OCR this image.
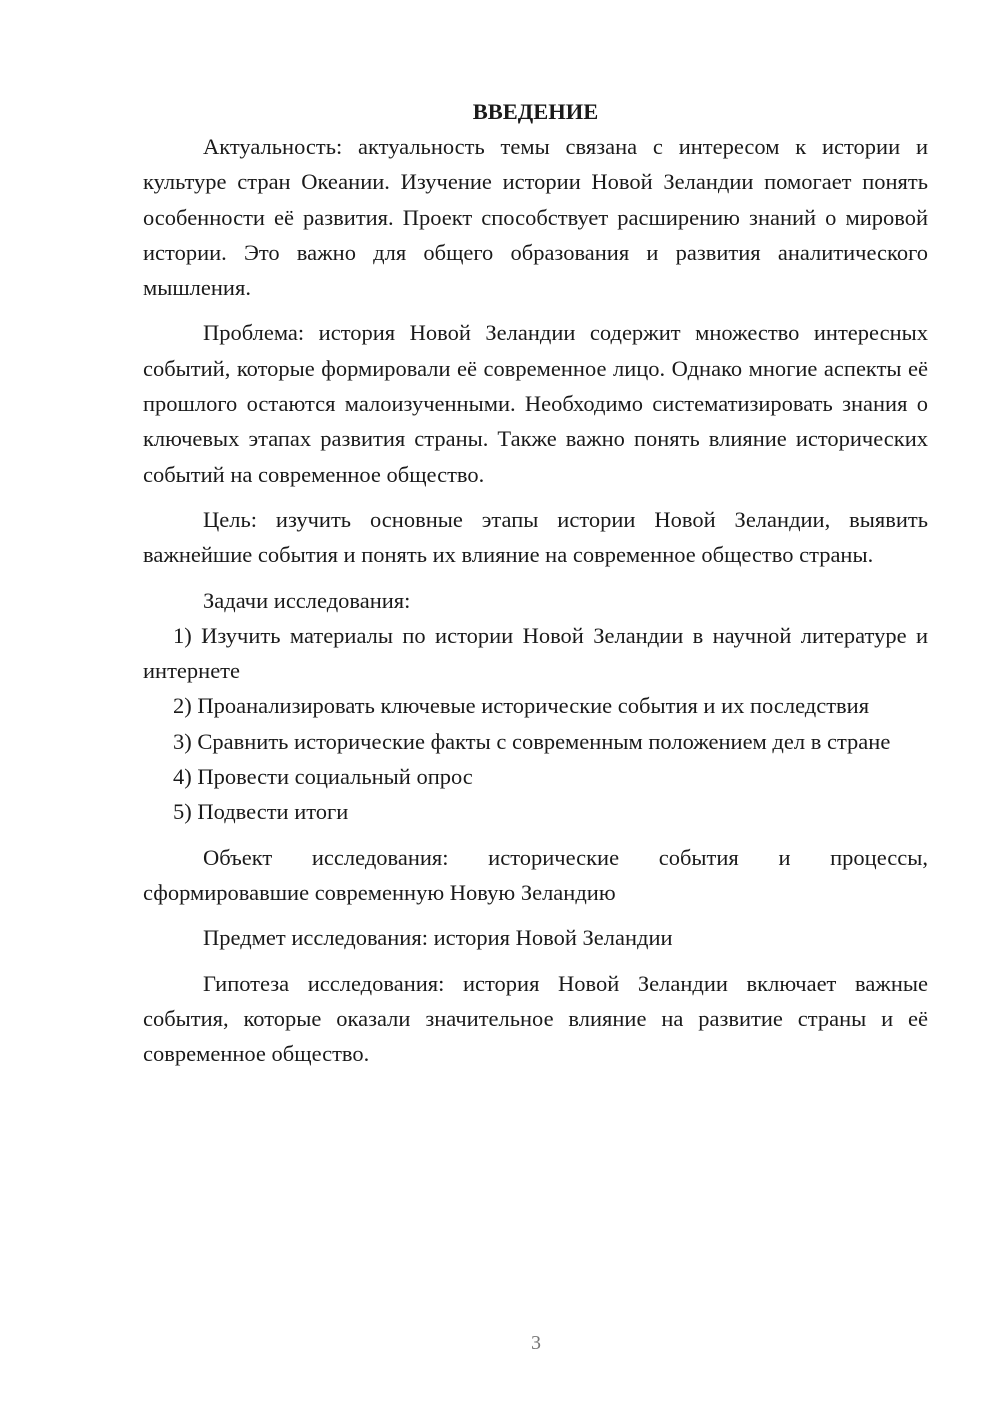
ВВЕДЕНИЕ

Актуальность: актуальность темы связана с интересом к истории и культуре стран Океании. Изучение истории Новой Зеландии помогает понять особенности её развития. Проект способствует расширению знаний о мировой истории. Это важно для общего образования и развития аналитического мышления.

Проблема: история Новой Зеландии содержит множество интересных событий, которые формировали её современное лицо. Однако многие аспекты её прошлого остаются малоизученными. Необходимо систематизировать знания о ключевых этапах развития страны. Также важно понять влияние исторических событий на современное общество.

Цель: изучить основные этапы истории Новой Зеландии, выявить важнейшие события и понять их влияние на современное общество страны.

Задачи исследования:

1) Изучить материалы по истории Новой Зеландии в научной литературе и интернете

2) Проанализировать ключевые исторические события и их последствия

3) Сравнить исторические факты с современным положением дел в стране

4) Провести социальный опрос

5) Подвести итоги

Объект исследования: исторические события и процессы, сформировавшие современную Новую Зеландию

Предмет исследования: история Новой Зеландии

Гипотеза исследования: история Новой Зеландии включает важные события, которые оказали значительное влияние на развитие страны и её современное общество.

3
